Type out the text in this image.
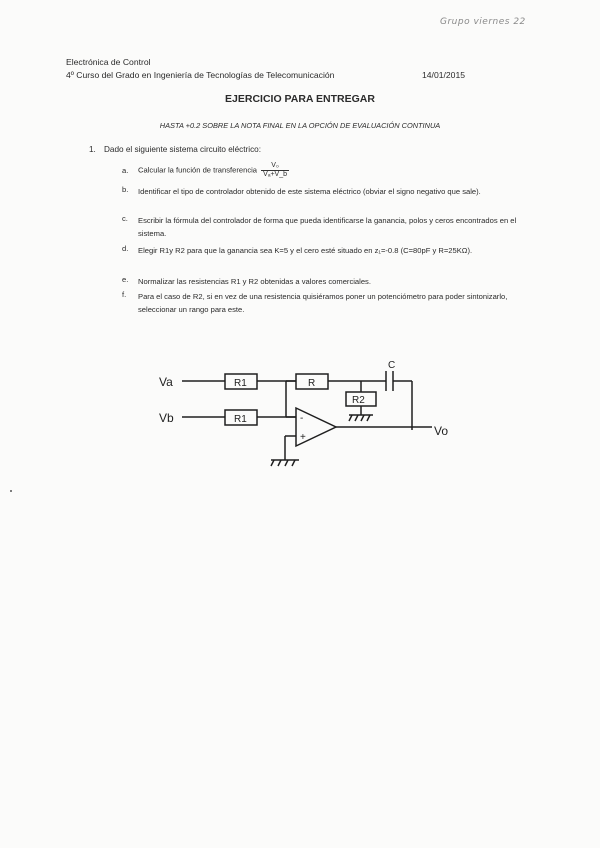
Grupo viernes 22
Electrónica de Control
4º Curso del Grado en Ingeniería de Tecnologías de Telecomunicación	14/01/2015
EJERCICIO PARA ENTREGAR
HASTA +0.2 SOBRE LA NOTA FINAL EN LA OPCIÓN DE EVALUACIÓN CONTINUA
1. Dado el siguiente sistema circuito eléctrico:
a. Calcular la función de transferencia $\frac{\text{V₀}}{\text{Vₐ+V\_b}}$
b. Identificar el tipo de controlador obtenido de este sistema eléctrico (obviar el signo negativo que sale).
c. Escribir la fórmula del controlador de forma que pueda identificarse la ganancia, polos y ceros encontrados en el sistema.
d. Elegir R1y R2 para que la ganancia sea K=5 y el cero esté situado en z₁=-0.8 (C=80pF y R=25KΩ).
e. Normalizar las resistencias R1 y R2 obtenidas a valores comerciales.
f. Para el caso de R2, si en vez de una resistencia quisiéramos poner un potenciómetro para poder sintonizarlo, seleccionar un rango para este.
Va
Vb
Vo
R1
R1
R
R2
C
-
+
